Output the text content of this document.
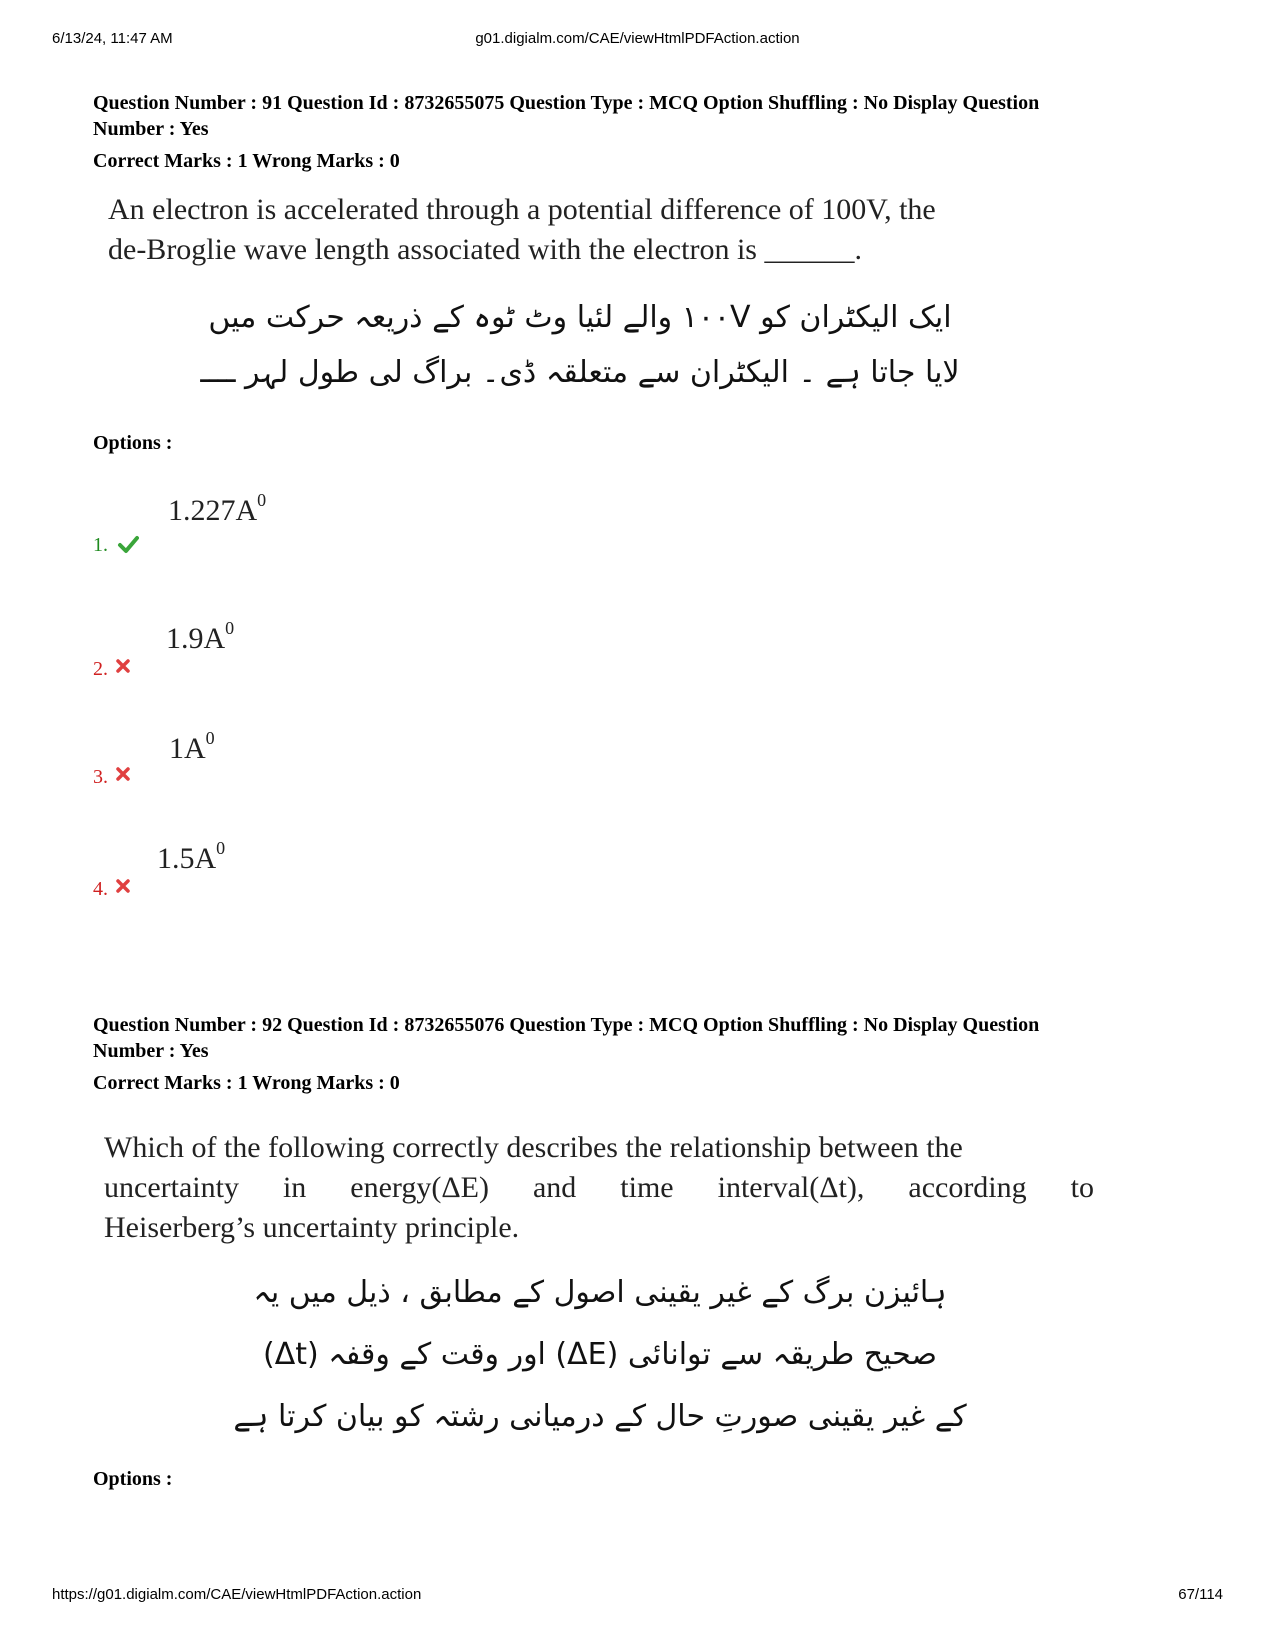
6/13/24, 11:47 AM	g01.digialm.com/CAE/viewHtmlPDFAction.action
Question Number : 91 Question Id : 8732655075 Question Type : MCQ Option Shuffling : No Display Question
Number : Yes
Correct Marks : 1 Wrong Marks : 0
An electron is accelerated through a potential difference of 100V, the
de-Broglie wave length associated with the electron is ______.
ایک الیکٹران کو ۱۰۰V والے لئیا وٹ ٹوہ کے ذریعہ حرکت میں
لایا جاتا ہے ۔ الیکٹران سے متعلقہ ڈی۔ براگ لی طول لہر ــــ
Options :
$1.227A^0$
1.
$1.9A^0$
2.
$1A^0$
3.
$1.5A^0$
4.
Question Number : 92 Question Id : 8732655076 Question Type : MCQ Option Shuffling : No Display Question
Number : Yes
Correct Marks : 1 Wrong Marks : 0
Which of the following correctly describes the relationship between the
uncertainty in energy(ΔE) and time interval(Δt), according to
Heiserberg’s uncertainty principle.
ہائیزن برگ کے غیر یقینی اصول کے مطابق ، ذیل میں یہ
صحیح طریقہ سے توانائی (ΔE) اور وقت کے وقفہ (Δt)
کے غیر یقینی صورتِ حال کے درمیانی رشتہ کو بیان کرتا ہے
Options :
https://g01.digialm.com/CAE/viewHtmlPDFAction.action	67/114
